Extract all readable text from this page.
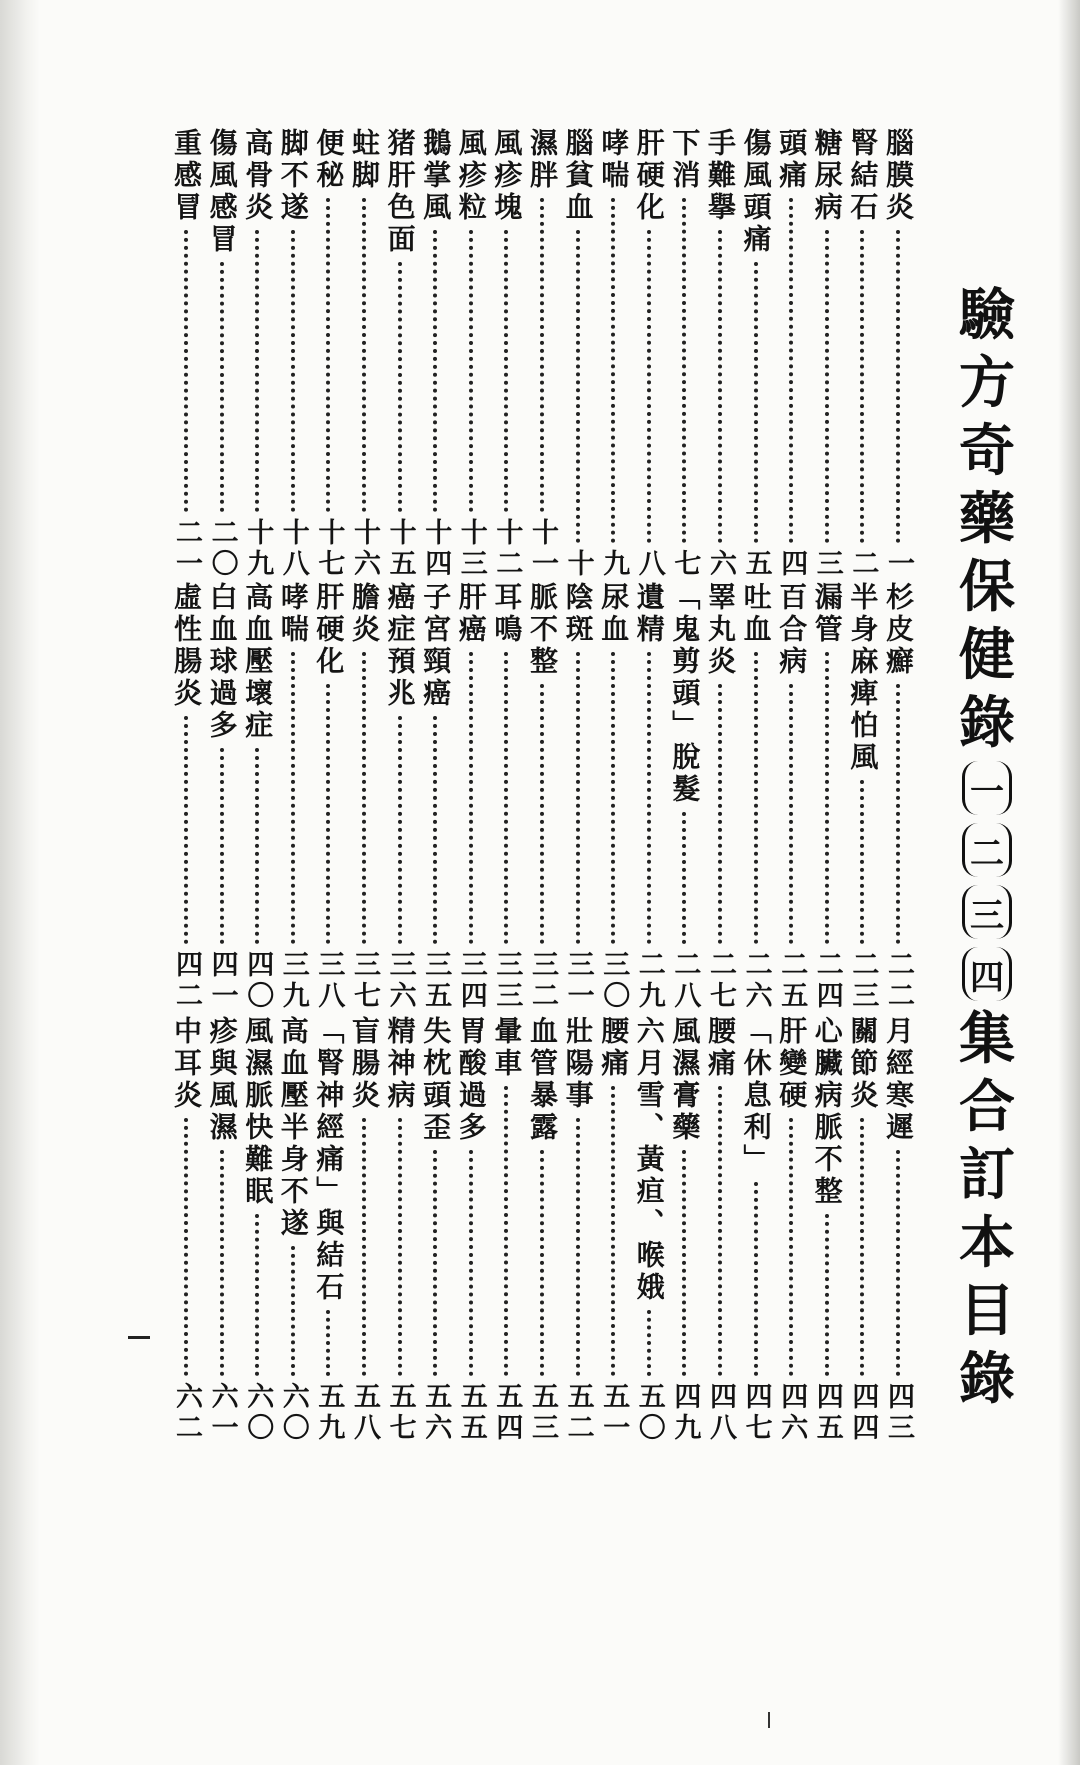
驗
方
奇
藥
保
健
錄
一
二
三
四
集
合
訂
本
目
錄
腦膜炎
一
腎結石
二
糖尿病
三
頭痛
四
傷風頭痛
五
手難擧
六
下消
七
肝硬化
八
哮喘
九
腦貧血
十
濕胖
十一
風疹塊
十二
風疹粒
十三
鵝掌風
十四
猪肝色面
十五
蛀脚
十六
便秘
十七
脚不遂
十八
高骨炎
十九
傷風感冒
二〇
重感冒
二一
杉皮癬
二二
半身麻痺怕風
二三
漏管
二四
百合病
二五
吐血
二六
睪丸炎
二七
「鬼剪頭」脫髮
二八
遺精
二九
尿血
三〇
陰斑
三一
脈不整
三二
耳鳴
三三
肝癌
三四
子宮頸癌
三五
癌症預兆
三六
膽炎
三七
肝硬化
三八
哮喘
三九
高血壓壞症
四〇
白血球過多
四一
虛性腸炎
四二
月經寒遲
四三
關節炎
四四
心臟病脈不整
四五
肝變硬
四六
「休息利」
四七
腰痛
四八
風濕膏藥
四九
六月雪、黃疸、喉娥
五〇
腰痛
五一
壯陽事
五二
血管暴露
五三
暈車
五四
胃酸過多
五五
失枕頭歪
五六
精神病
五七
盲腸炎
五八
「腎神經痛」與結石
五九
高血壓半身不遂
六〇
風濕脈快難眠
六〇
疹與風濕
六一
中耳炎
六二
